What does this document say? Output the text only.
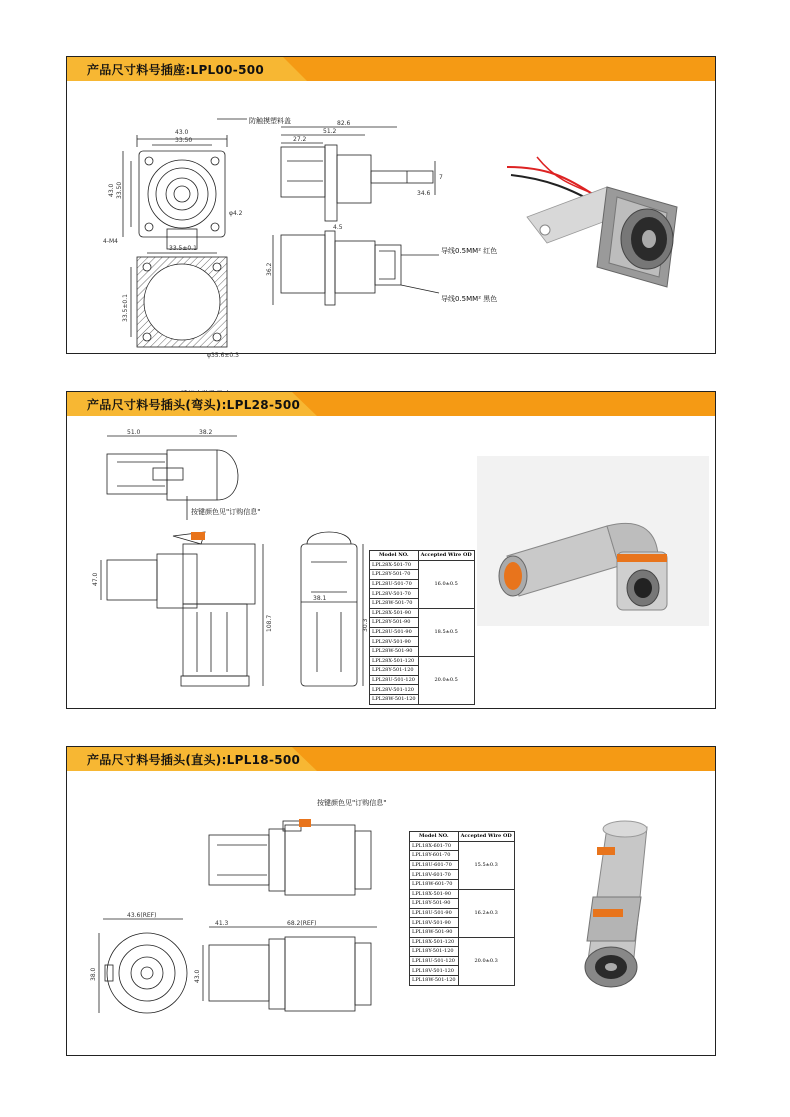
产品尺寸料号插座:LPL00-500
43.0
33.50
43.0 33.50
φ4.2
防触摸塑料盖
4-M4
33.5±0.1
33.5±0.1
φ35.6±0.3
82.6
51.2
27.2
7
34.6
4.5
36.2
导线0.5MM² 红色
导线0.5MM² 黑色
产品尺寸料号插头(弯头):LPL28-500
51.0	38.2
47.0
108.7
38.1
30.3
按键颜色见"订购信息"
Model NO.	Accepted Wire OD
LPL28X-501-70	16.0±0.5
LPL28Y-501-70	
LPL28U-501-70	
LPL28V-501-70	
LPL28W-501-70	
LPL28X-501-90	18.5±0.5
LPL28Y-501-90	
LPL28U-501-90	
LPL28V-501-90	
LPL28W-501-90	
LPL28X-501-120	20.0±0.5
LPL28Y-501-120	
LPL28U-501-120	
LPL28V-501-120	
LPL28W-501-120	
产品尺寸料号插头(直头):LPL18-500
按键颜色见"订购信息"
43.6(REF)
41.3	68.2(REF)
38.0	43.0
Model NO.	Accepted Wire OD
LPL18X-601-70	15.5±0.3
LPL18Y-601-70	
LPL18U-601-70	
LPL18V-601-70	
LPL18W-601-70	
LPL18X-501-90	16.2±0.3
LPL18Y-501-90	
LPL18U-501-90	
LPL18V-501-90	
LPL18W-501-90	
LPL18X-501-120	20.0±0.3
LPL18Y-501-120	
LPL18U-501-120	
LPL18V-501-120	
LPL18W-501-120	
